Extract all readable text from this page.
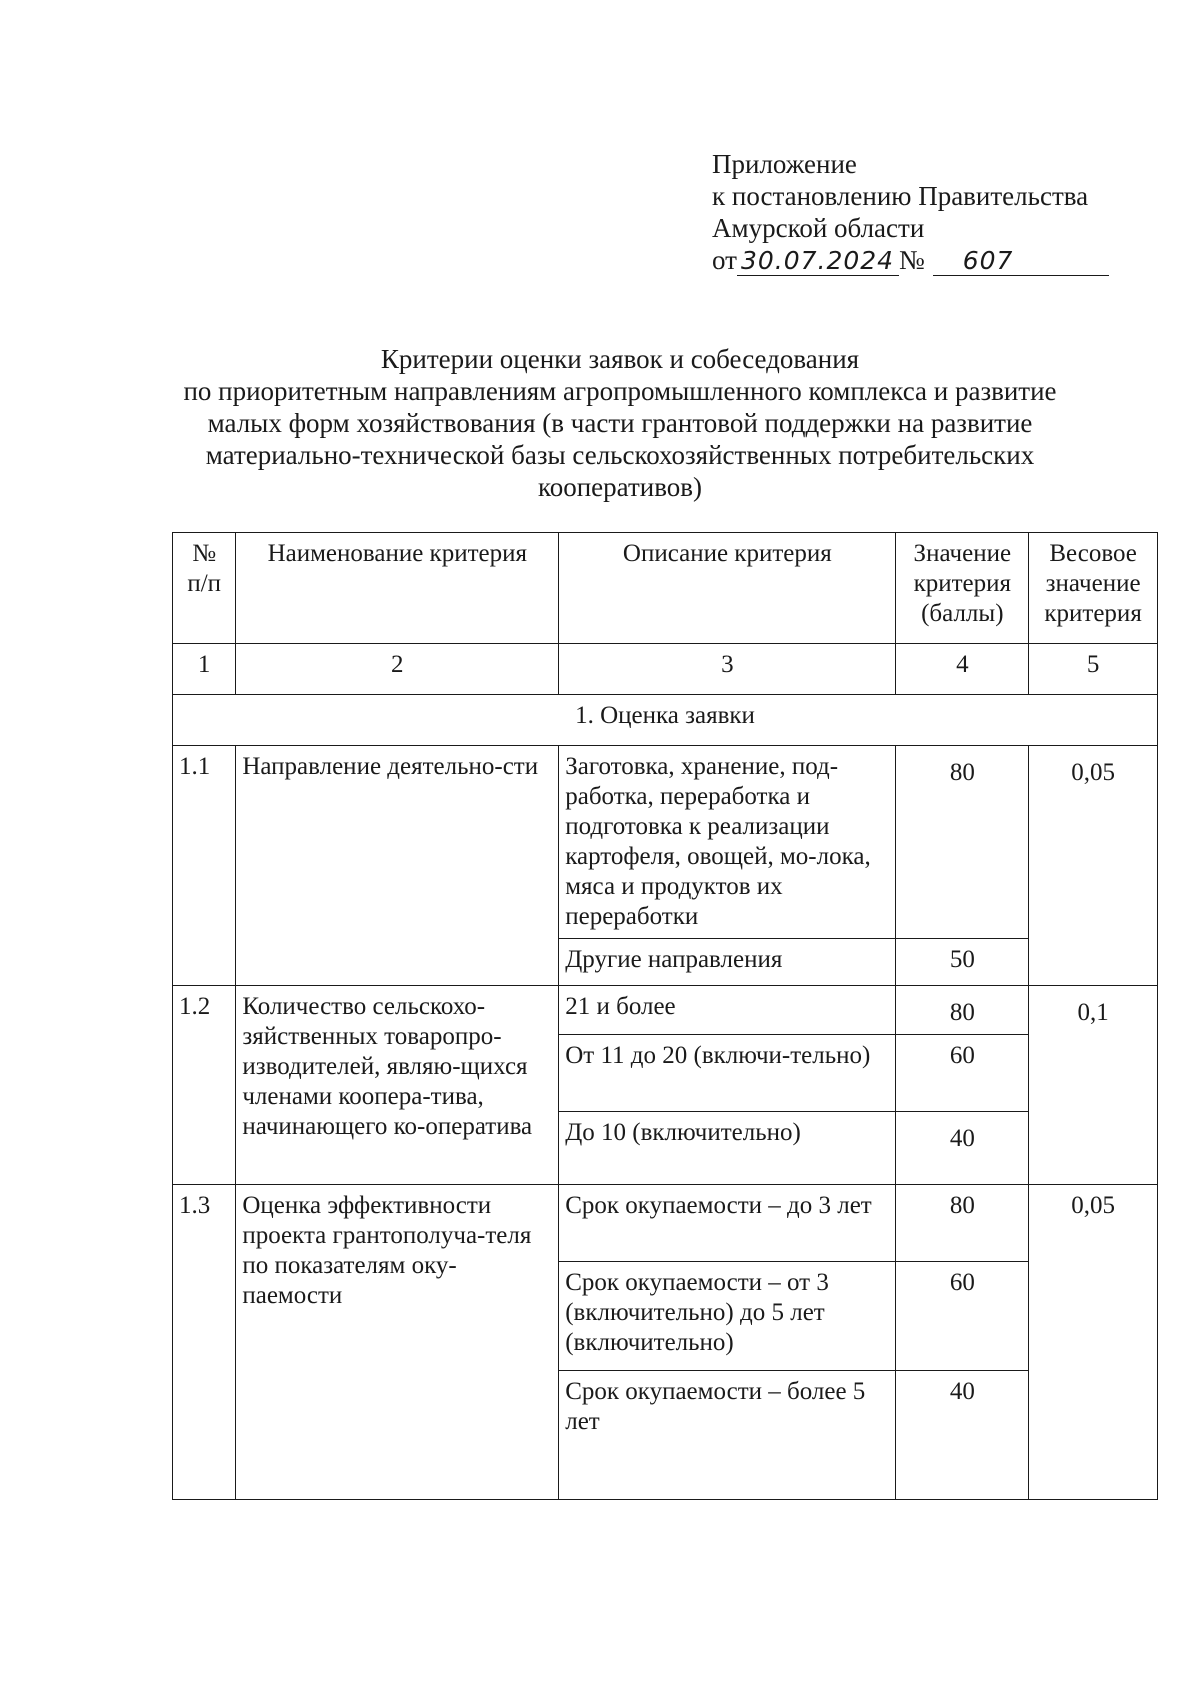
Приложение
к постановлению Правительства
Амурской области
от 30.07.2024 № 607
Критерии оценки заявок и собеседования
по приоритетным направлениям агропромышленного комплекса и развитие
малых форм хозяйствования (в части грантовой поддержки на развитие
материально-технической базы сельскохозяйственных потребительских
кооперативов)
№ п/п	Наименование критерия	Описание критерия	Значение критерия (баллы)	Весовое значение критерия
1	2	3	4	5
1. Оценка заявки				
1.1	Направление деятельно-сти	Заготовка, хранение, под-работка, переработка и подготовка к реализации картофеля, овощей, мо-лока, мяса и продуктов их переработки	80	0,05
		Другие направления	50	
1.2	Количество сельскохо-зяйственных товаропро-изводителей, являю-щихся членами коопера-тива, начинающего ко-оператива	21 и более	80	0,1
		От 11 до 20 (включи-тельно)	60	
		До 10 (включительно)	40	
1.3	Оценка эффективности проекта грантополуча-теля по показателям оку-паемости	Срок окупаемости – до 3 лет	80	0,05
		Срок окупаемости – от 3 (включительно) до 5 лет (включительно)	60	
		Срок окупаемости – более 5 лет	40	
